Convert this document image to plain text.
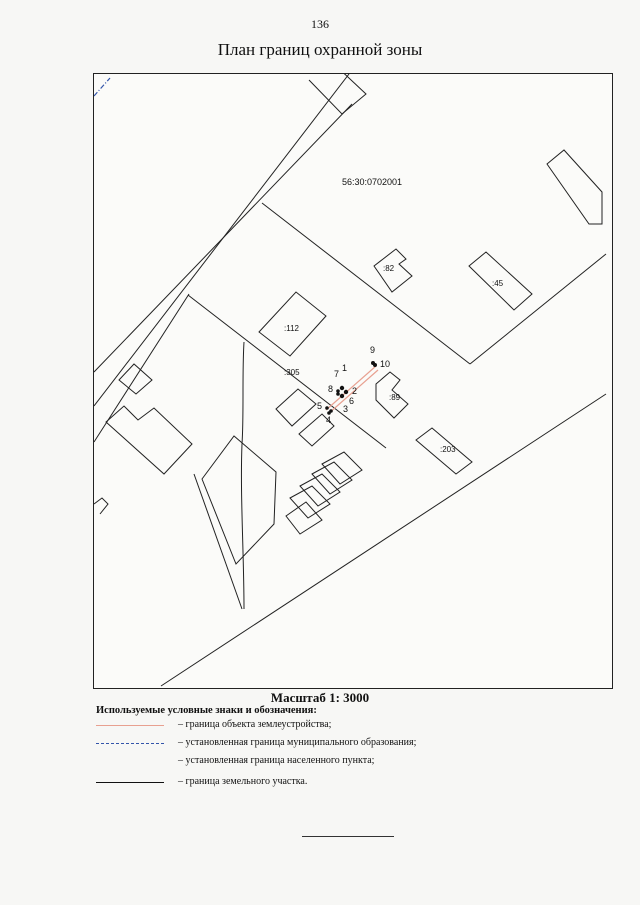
136
План границ охранной зоны
56:30:0702001
:82
:45
:112
:305
:89
:203
9
10
7
1
8 2
6
5 3
4
Масштаб 1: 3000
Используемые условные знаки и обозначения:
– граница объекта землеустройства;
– установленная граница муниципального образования;
– установленная граница населенного пункта;
– граница земельного участка.
